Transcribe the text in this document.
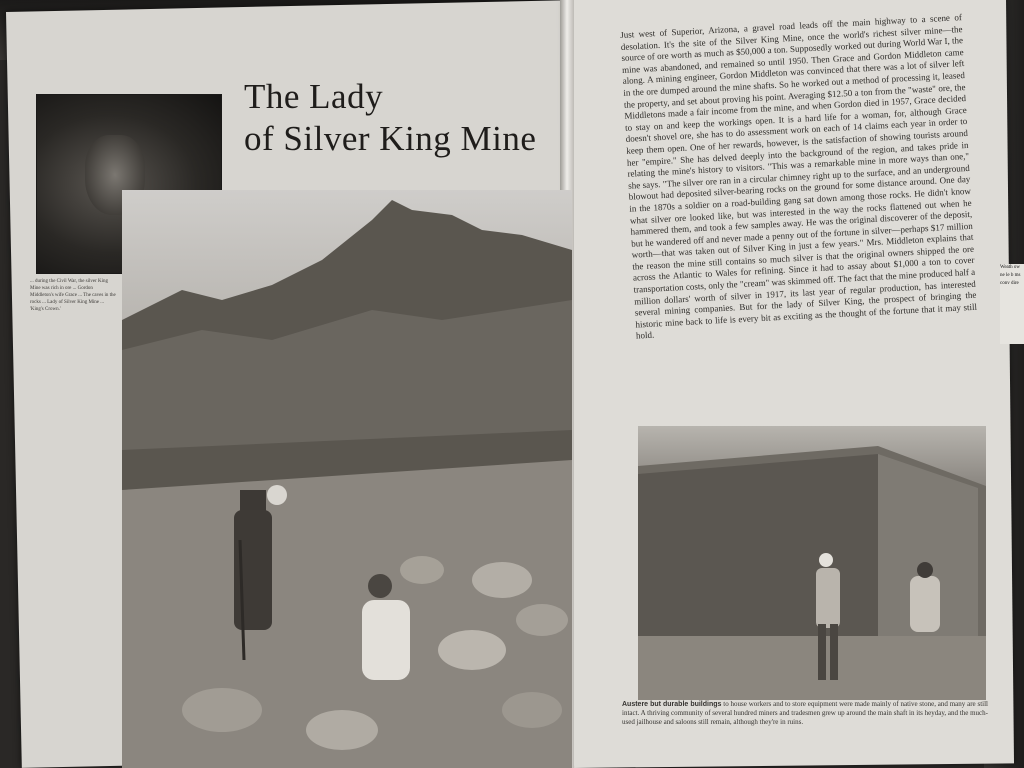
The Lady
of Silver King Mine
... during the Civil War, the silver King Mine was rich in ore ... Gordon Middleton's wife Grace ... The caves in the rocks ... Lady of Silver King Mine ... 'King's Crown.'
Just west of Superior, Arizona, a gravel road leads off the main highway to a scene of desolation. It's the site of the Silver King Mine, once the world's richest silver mine—the source of ore worth as much as $50,000 a ton. Supposedly worked out during World War I, the mine was abandoned, and remained so until 1950. Then Grace and Gordon Middleton came along. A mining engineer, Gordon Middleton was convinced that there was a lot of silver left in the ore dumped around the mine shafts. So he worked out a method of processing it, leased the property, and set about proving his point. Averaging $12.50 a ton from the "waste" ore, the Middletons made a fair income from the mine, and when Gordon died in 1957, Grace decided to stay on and keep the workings open. It is a hard life for a woman, for, although Grace doesn't shovel ore, she has to do assessment work on each of 14 claims each year in order to keep them open. One of her rewards, however, is the satisfaction of showing tourists around her "empire." She has delved deeply into the background of the region, and takes pride in relating the mine's history to visitors. "This was a remarkable mine in more ways than one," she says. "The silver ore ran in a circular chimney right up to the surface, and an underground blowout had deposited silver-bearing rocks on the ground for some distance around. One day in the 1870s a soldier on a road-building gang sat down among those rocks. He didn't know what silver ore looked like, but was interested in the way the rocks flattened out when he hammered them, and took a few samples away. He was the original discoverer of the deposit, but he wandered off and never made a penny out of the fortune in silver—perhaps $17 million worth—that was taken out of Silver King in just a few years." Mrs. Middleton explains that the reason the mine still contains so much silver is that the original owners shipped the ore across the Atlantic to Wales for refining. Since it had to assay about $1,000 a ton to cover transportation costs, only the "cream" was skimmed off. The fact that the mine produced half a million dollars' worth of silver in 1917, its last year of regular production, has interested several mining companies. But for the lady of Silver King, the prospect of bringing the historic mine back to life is every bit as exciting as the thought of the fortune that it may still hold.
Austere but durable buildings to house workers and to store equipment were made mainly of native stone, and many are still intact. A thriving community of several hundred miners and tradesmen grew up around the main shaft in its heyday, and the much-used jailhouse and saloons still remain, although they're in ruins.
Weath ow ne le b ms conv dire
